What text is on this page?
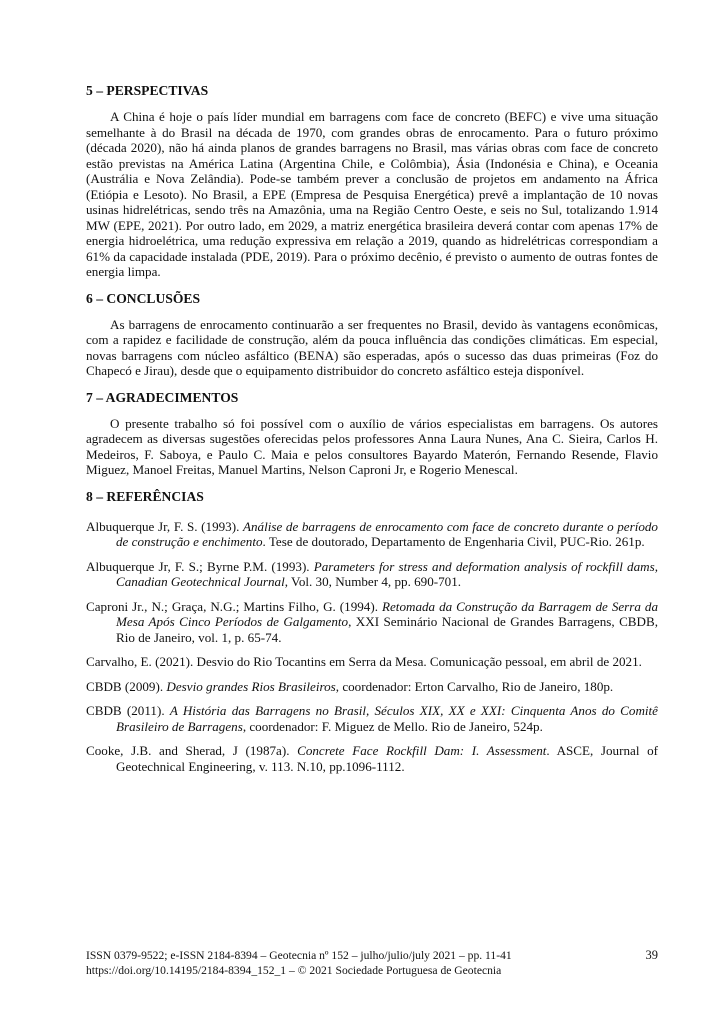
5 – PERSPECTIVAS

A China é hoje o país líder mundial em barragens com face de concreto (BEFC) e vive uma situação semelhante à do Brasil na década de 1970, com grandes obras de enrocamento. Para o futuro próximo (década 2020), não há ainda planos de grandes barragens no Brasil, mas várias obras com face de concreto estão previstas na América Latina (Argentina Chile, e Colômbia), Ásia (Indonésia e China), e Oceania (Austrália e Nova Zelândia). Pode-se também prever a conclusão de projetos em andamento na África (Etiópia e Lesoto). No Brasil, a EPE (Empresa de Pesquisa Energética) prevê a implantação de 10 novas usinas hidrelétricas, sendo três na Amazônia, uma na Região Centro Oeste, e seis no Sul, totalizando 1.914 MW (EPE, 2021). Por outro lado, em 2029, a matriz energética brasileira deverá contar com apenas 17% de energia hidroelétrica, uma redução expressiva em relação a 2019, quando as hidrelétricas correspondiam a 61% da capacidade instalada (PDE, 2019). Para o próximo decênio, é previsto o aumento de outras fontes de energia limpa.

6 – CONCLUSÕES

As barragens de enrocamento continuarão a ser frequentes no Brasil, devido às vantagens econômicas, com a rapidez e facilidade de construção, além da pouca influência das condições climáticas. Em especial, novas barragens com núcleo asfáltico (BENA) são esperadas, após o sucesso das duas primeiras (Foz do Chapecó e Jirau), desde que o equipamento distribuidor do concreto asfáltico esteja disponível.

7 – AGRADECIMENTOS

O presente trabalho só foi possível com o auxílio de vários especialistas em barragens. Os autores agradecem as diversas sugestões oferecidas pelos professores Anna Laura Nunes, Ana C. Sieira, Carlos H. Medeiros, F. Saboya, e Paulo C. Maia e pelos consultores Bayardo Materón, Fernando Resende, Flavio Miguez, Manoel Freitas, Manuel Martins, Nelson Caproni Jr, e Rogerio Menescal.

8 – REFERÊNCIAS
Albuquerque Jr, F. S. (1993). Análise de barragens de enrocamento com face de concreto durante o período de construção e enchimento. Tese de doutorado, Departamento de Engenharia Civil, PUC-Rio. 261p.
Albuquerque Jr, F. S.; Byrne P.M. (1993). Parameters for stress and deformation analysis of rockfill dams, Canadian Geotechnical Journal, Vol. 30, Number 4, pp. 690-701.
Caproni Jr., N.; Graça, N.G.; Martins Filho, G. (1994). Retomada da Construção da Barragem de Serra da Mesa Após Cinco Períodos de Galgamento, XXI Seminário Nacional de Grandes Barragens, CBDB, Rio de Janeiro, vol. 1, p. 65-74.
Carvalho, E. (2021). Desvio do Rio Tocantins em Serra da Mesa. Comunicação pessoal, em abril de 2021.
CBDB (2009). Desvio grandes Rios Brasileiros, coordenador: Erton Carvalho, Rio de Janeiro, 180p.
CBDB (2011). A História das Barragens no Brasil, Séculos XIX, XX e XXI: Cinquenta Anos do Comitê Brasileiro de Barragens, coordenador: F. Miguez de Mello. Rio de Janeiro, 524p.
Cooke, J.B. and Sherad, J (1987a). Concrete Face Rockfill Dam: I. Assessment. ASCE, Journal of Geotechnical Engineering, v. 113. N.10, pp.1096-1112.
ISSN 0379-9522; e-ISSN 2184-8394 – Geotecnia nº 152 – julho/julio/july 2021 – pp. 11-41
https://doi.org/10.14195/2184-8394_152_1 – © 2021 Sociedade Portuguesa de Geotecnia
39
